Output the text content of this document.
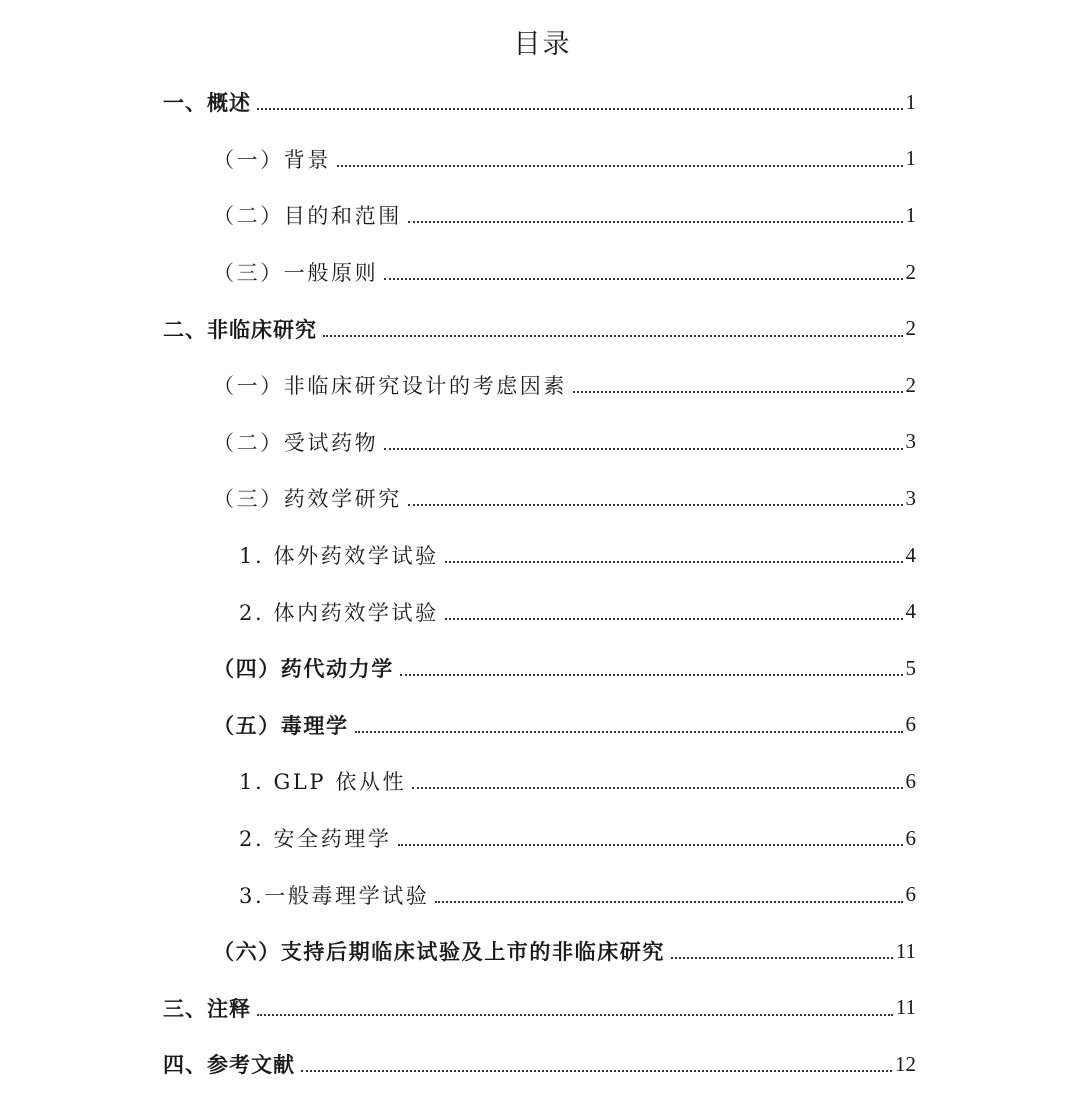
目录
一、概述	1
（一）背景	1
（二）目的和范围	1
（三）一般原则	2
二、非临床研究	2
（一）非临床研究设计的考虑因素	2
（二）受试药物	3
（三）药效学研究	3
1. 体外药效学试验	4
2. 体内药效学试验	4
（四）药代动力学	5
（五）毒理学	6
1. GLP 依从性	6
2. 安全药理学	6
3.一般毒理学试验	6
（六）支持后期临床试验及上市的非临床研究	11
三、注释	11
四、参考文献	12
